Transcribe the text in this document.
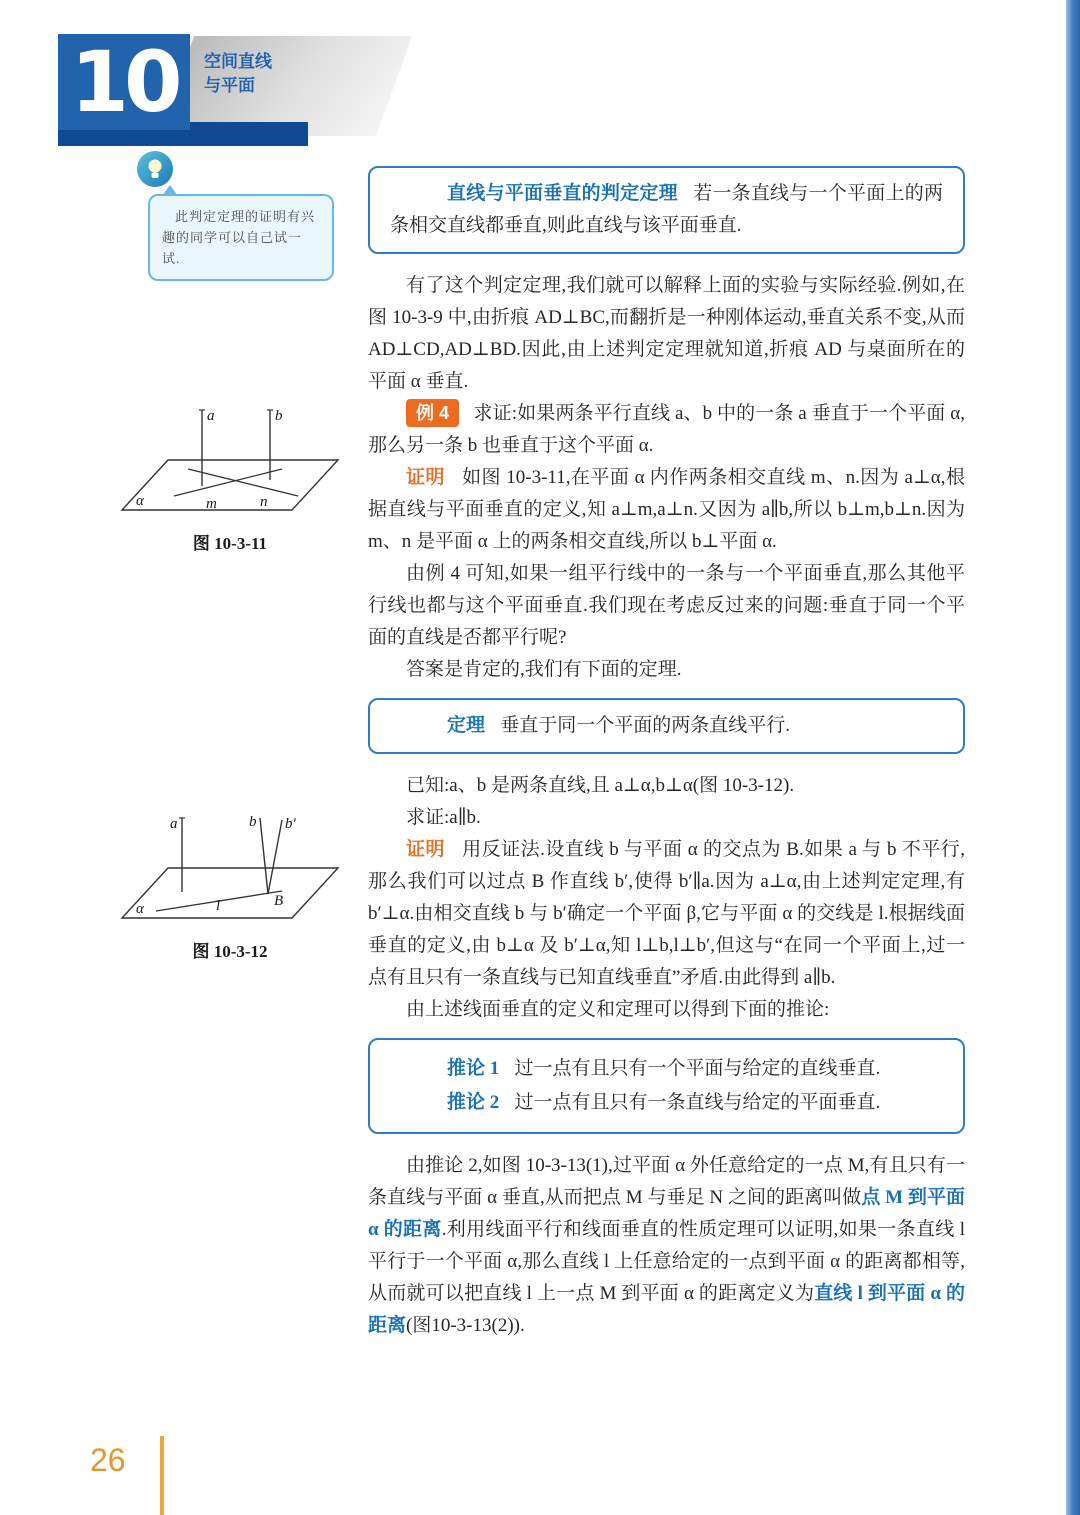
10 空间直线
与平面

此判定定理的证明有兴趣的同学可以自己试一试.

a	b
m	n
α
图 10-3-11
a	b b′
B
l
α
图 10-3-12
直线与平面垂直的判定定理 若一条直线与一个平面上的两条相交直线都垂直,则此直线与该平面垂直.

有了这个判定定理,我们就可以解释上面的实验与实际经验.例如,在图 10-3-9 中,由折痕 AD⊥BC,而翻折是一种刚体运动,垂直关系不变,从而 AD⊥CD,AD⊥BD.因此,由上述判定定理就知道,折痕 AD 与桌面所在的平面 α 垂直.

例 4 求证:如果两条平行直线 a、b 中的一条 a 垂直于一个平面 α,那么另一条 b 也垂直于这个平面 α.

证明 如图 10-3-11,在平面 α 内作两条相交直线 m、n.因为 a⊥α,根据直线与平面垂直的定义,知 a⊥m,a⊥n.又因为 a∥b,所以 b⊥m,b⊥n.因为 m、n 是平面 α 上的两条相交直线,所以 b⊥平面 α.

由例 4 可知,如果一组平行线中的一条与一个平面垂直,那么其他平行线也都与这个平面垂直.我们现在考虑反过来的问题:垂直于同一个平面的直线是否都平行呢?

答案是肯定的,我们有下面的定理.

定理 垂直于同一个平面的两条直线平行.

已知:a、b 是两条直线,且 a⊥α,b⊥α(图 10-3-12).

求证:a∥b.

证明 用反证法.设直线 b 与平面 α 的交点为 B.如果 a 与 b 不平行,那么我们可以过点 B 作直线 b′,使得 b′∥a.因为 a⊥α,由上述判定定理,有 b′⊥α.由相交直线 b 与 b′确定一个平面 β,它与平面 α 的交线是 l.根据线面垂直的定义,由 b⊥α 及 b′⊥α,知 l⊥b,l⊥b′,但这与“在同一个平面上,过一点有且只有一条直线与已知直线垂直”矛盾.由此得到 a∥b.

由上述线面垂直的定义和定理可以得到下面的推论:

推论 1 过一点有且只有一个平面与给定的直线垂直.

推论 2 过一点有且只有一条直线与给定的平面垂直.

由推论 2,如图 10-3-13(1),过平面 α 外任意给定的一点 M,有且只有一条直线与平面 α 垂直,从而把点 M 与垂足 N 之间的距离叫做点 M 到平面 α 的距离.利用线面平行和线面垂直的性质定理可以证明,如果一条直线 l 平行于一个平面 α,那么直线 l 上任意给定的一点到平面 α 的距离都相等,从而就可以把直线 l 上一点 M 到平面 α 的距离定义为直线 l 到平面 α 的距离(图10-3-13(2)).

26
